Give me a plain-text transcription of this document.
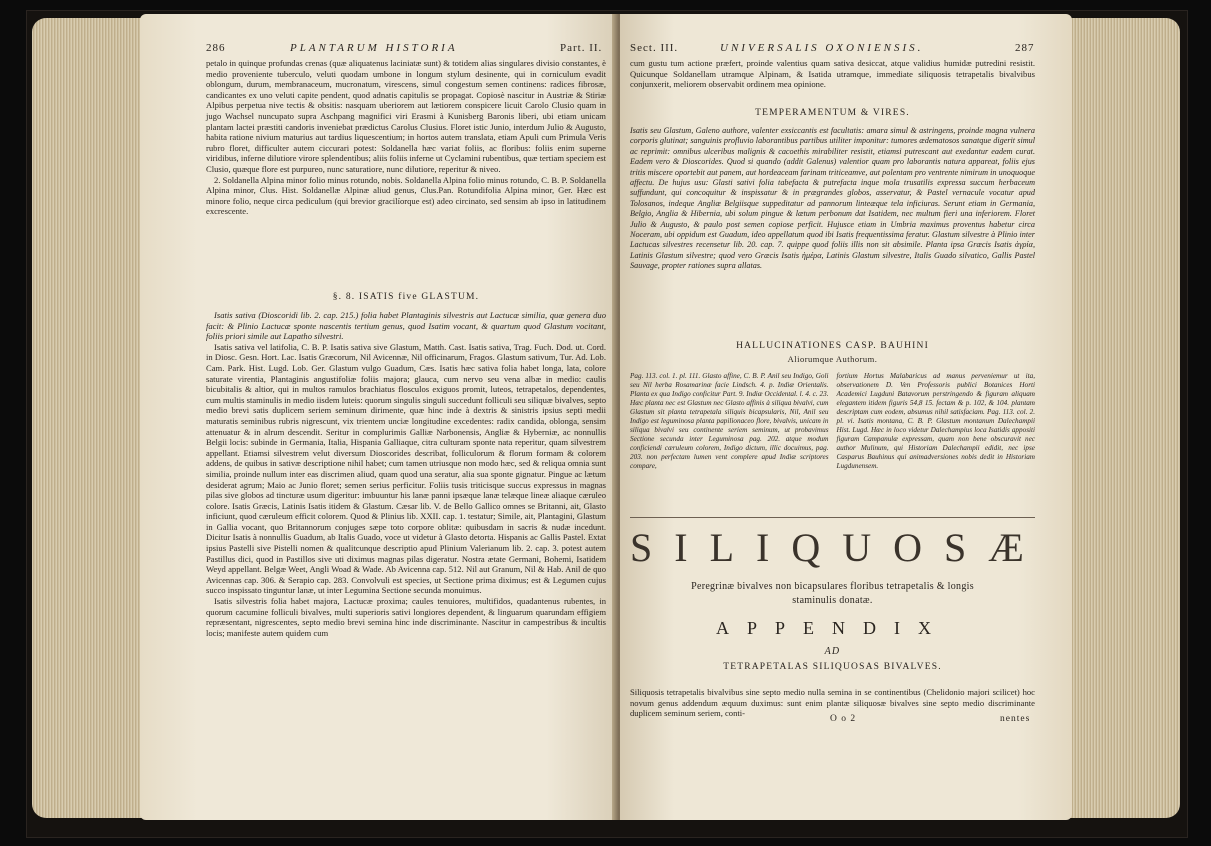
286	PLANTARUM HISTORIA	Part. II.

petalo in quinque profundas crenas (quæ aliquatenus laciniatæ sunt) & totidem alias singulares divisio constantes, è medio proveniente tuberculo, veluti quodam umbone in longum stylum desinente, qui in corniculum evadit oblongum, durum, membranaceum, mucronatum, virescens, simul congestum semen continens: radices fibrosæ, candicantes ex uno veluti capite pendent, quod adnatis capitulis se propagat. Copiosè nascitur in Austriæ & Stiriæ Alpibus perpetua nive tectis & obsitis: nasquam uberiorem aut lætiorem conspicere licuit Carolo Clusio quam in jugo Wachsel nuncupato supra Aschpang magnifici viri Erasmi à Kunisberg Baronis liberi, ubi etiam unicam plantam lactei præstiti candoris inveniebat prædictus Carolus Clusius. Floret istic Junio, interdum Julio & Augusto, habita ratione nivium maturius aut tardius liquescentium; in hortos autem translata, etiam Apuli cum Primula Veris rubro floret, difficulter autem ciccurari potest: Soldanella hæc variat foliis, ac floribus: foliis enim superne viridibus, inferne dilutiore virore splendentibus; aliis foliis inferne ut Cyclamini rubentibus, quæ tertiam speciem est Clusio, quæque flore est purpureo, nunc saturatiore, nunc dilutiore, reperitur & niveo.

2. Soldanella Alpina minor folio minus rotundo, nobis. Soldanella Alpina folio minus rotundo, C. B. P. Soldanella Alpina minor, Clus. Hist. Soldanellæ Alpinæ aliud genus, Clus.Pan. Rotundifolia Alpina minor, Ger. Hæc est minore folio, neque circa pediculum (qui brevior gracilíorque est) adeo circinato, sed sensim ab ipso in latitudinem excrescente.

§. 8. ISATIS five GLASTUM.

Isatis sativa (Dioscoridi lib. 2. cap. 215.) folia habet Plantaginis silvestris aut Lactucæ similia, quæ genera duo facit: & Plinio Lactucæ sponte nascentis tertium genus, quod Isatim vocant, & quartum quod Glastum vocitant, foliis priori simile aut Lapatho silvestri.

Isatis sativa vel latifolia, C. B. P. Isatis sativa sive Glastum, Matth. Cast. Isatis sativa, Trag. Fuch. Dod. ut. Cord. in Diosc. Gesn. Hort. Lac. Isatis Græcorum, Nil Avicennæ, Nil officinarum, Fragos. Glastum sativum, Tur. Ad. Lob. Cam. Park. Hist. Lugd. Lob. Ger. Glastum vulgo Guadum, Cæs. Isatis hæc sativa folia habet longa, lata, colore saturate virentia, Plantaginis angustifoliæ foliis majora; glauca, cum nervo seu vena albæ in medio: caulis bicubitalis & altior, qui in multos ramulos brachiatus flosculos exiguos promit, luteos, tetrapetalos, dependentes, cum multis staminulis in medio iisdem luteis: quorum singulis singuli succedunt folliculi seu siliquæ bivalves, septo medio brevi satis duplicem seriem seminum dirimente, quæ hinc inde à dextris & sinistris ipsius septi medii maturatis seminibus rubris nigrescunt, vix trientem unciæ longitudine excedentes: radix candida, oblonga, sensim attenuatur & in alrum descendit. Seritur in complurimis Galliæ Narbonensis, Angliæ & Hyberniæ, ac nonnullis Belgii locis: subinde in Germania, Italia, Hispania Galliaque, citra culturam sponte nata reperitur, quam silvestrem appellant. Etiamsi silvestrem velut diversum Dioscorides describat, folliculorum & florum formam & colorem addens, de quibus in sativæ descriptione nihil habet; cum tamen utriusque non modo hæc, sed & reliqua omnia sunt similia, proinde nullum inter eas discrimen aliud, quam quod una seratur, alia sua sponte gignatur. Pingue ac lætum desiderat agrum; Maio ac Junio floret; semen serius perficitur. Foliis tusis triticisque succus expressus in magnas pilas sive globos ad tincturæ usum digeritur: imbuuntur his lanæ panni ipsæque lanæ telæque lineæ aliaque cæruleo colore. Isatis Græcis, Latinis Isatis itidem & Glastum. Cæsar lib. V. de Bello Gallico omnes se Britanni, ait, Glasto inficiunt, quod cæruleum efficit colorem. Quod & Plinius lib. XXII. cap. 1. testatur; Simile, ait, Plantagini, Glastum in Gallia vocant, quo Britannorum conjuges sæpe toto corpore oblitæ: quibusdam in sacris & nudæ incedunt. Dicitur Isatis à nonnullis Guadum, ab Italis Guado, voce ut videtur à Glasto detorta. Hispanis ac Gallis Pastel. Extat ipsius Pastelli sive Pistelli nomen & qualitcunque descriptio apud Plinium Valerianum lib. 2. cap. 3. potest autem Pastillus dici, quod in Pastillos sive uti diximus magnas pilas digeratur. Nostra ætate Germani, Bohemi, Isatidem Weyd appellant. Belgæ Weet, Angli Woad & Wade. Ab Avicenna cap. 512. Nil aut Granum, Nil & Hab. Anil de quo Avicennas cap. 306. & Serapio cap. 283. Convolvuli est species, ut Sectione prima diximus; est & Legumen cujus succo inspissato tinguntur lanæ, ut inter Legumina Sectione secunda monuimus.

Isatis silvestris folia habet majora, Lactucæ proxima; caules tenuiores, multifidos, quadantenus rubentes, in quorum cacumine folliculi bivalves, multi superioris sativi longiores dependent, & linguarum quarundam effigiem repræsentant, nigrescentes, septo medio brevi semina hinc inde discriminante. Nascitur in campestribus & incultis locis; manifeste autem quidem cum

Sect. III.	UNIVERSALIS OXONIENSIS.	287

cum gustu tum actione præfert, proinde valentius quam sativa desiccat, atque validius humidæ putredini resistit. Quicunque Soldanellam utramque Alpinam, & Isatida utramque, immediate siliquosis tetrapetalis bivalvibus conjunxerit, meliorem observabit ordinem mea opinione.

TEMPERAMENTUM & VIRES.

Isatis seu Glastum, Galeno authore, valenter exsiccantis est facultatis: amara simul & astringens, proinde magna vulnera corporis glutinat; sanguinis profluvio laborantibus partibus utiliter imponitur: tumores ædematosos sanatque digerit simul ac reprimit: omnibus ulceribus malignis & cacoethis mirabiliter resistit, etiamsi putrescant aut exedantur eadem curat. Eadem vero & Dioscorides. Quod si quando (addit Galenus) valentior quam pro laborantis natura appareat, foliis ejus tritis miscere oportebit aut panem, aut hordeaceam farinam triticeamve, aut polentam pro ventrente nimirum in unoquoque affectu. De hujus usu: Glasti sativi folia tabefacta & putrefacta inque mola trusatilis expressa succum herbaceum suffundunt, qui concoquitur & inspissatur & in prægrandes globos, asservatur, & Pastel vernacule vocatur apud Tolosanos, indeque Angliæ Belgiisque suppeditatur ad pannorum linteæque tela inficiuras. Serunt etiam in Germania, Belgio, Anglia & Hibernia, ubi solum pingue & lætum perbonum dat Isatidem, nec multum fieri una inferiorem. Floret Julio & Augusto, & paulo post semen copiose perficit. Hujusce etiam in Umbria maximus proventus habetur circa Noceram, ubi oppidum est Guadum, ideo appellatum quod ibi Isatis frequentissima feratur. Glastum silvestre à Plinio inter Lactucas silvestres recensetur lib. 20. cap. 7. quippe quod foliis illis non sit absimile. Planta ipsa Græcis Isatis ἀγρία, Latinis Glastum silvestre; quod vero Græcis Isatis ἡμέρα, Latinis Glastum silvestre, Italis Guado silvatico, Gallis Pastel Sauvage, propter rationes supra allatas.

HALLUCINATIONES CASP. BAUHINI
Aliorumque Authorum.
Pag. 113. col. 1. pl. 111. Glasto affine, C. B. P. Anil seu Indigo, Goli seu Nil herba Rosamarinæ facie Lindsch. 4. p. Indiæ Orientalis. Planta ex qua Indigo conficitur Part. 9. Indiæ Occidental. l. 4. c. 23. Hæc planta nec est Glastum nec Glasto affinis à siliqua bivalvi, cum Glastum sit planta tetrapetala siliquis bicapsularis, Nil, Anil seu Indigo est leguminosa planta papilionaceo flore, bivalvis, unicam in siliqua bivalvi seu continente seriem seminum, ut probavimus Sectione secunda inter Leguminosa pag. 202. atque modum conficiendi cæruleum colorem, Indigo dictum, illic docuimus, pag. 203. non perfectam lumen vent complere apud Indiæ scriptores compare,
fortium Hortus Malabaricus ad manus perveniemur ut ita, observationem D. Ven Professoris publici Botanices Horti Academici Lugduni Batavorum perstringendo & figuram aliquam elegantem itidem figuris 54,8 15. fectam & p. 102, & 104. plantam descriptam cum eodem, absumus nihil satisfaciam. Pag. 113. col. 2. pl. vi. Isatis montana, C. B. P. Glastum montanum Dalechampii Hist. Lugd. Hæc in loco videtur Dalechampius loca Isatidis appositi figuram Campanulæ expressam, quam non bene obscuravit nec author Mulinum, qui Historiam Dalechampii edidit, nec ipse Casparus Bauhinus qui animadversiones nobis dedit in Historiam Lugdunensem.
SILIQUOSÆ
Peregrinæ bivalves non bicapsulares floribus tetrapetalis & longis
staminulis donatæ.
APPENDIX
AD
TETRAPETALAS SILIQUOSAS BIVALVES.

Siliquosis tetrapetalis bivalvibus sine septo medio nulla semina in se continentibus (Chelidonio majori scilicet) hoc novum genus addendum æquum duximus: sunt enim plantæ siliquosæ bivalves sine septo medio discriminante duplicem seminum seriem, conti-

O o 2	nentes
